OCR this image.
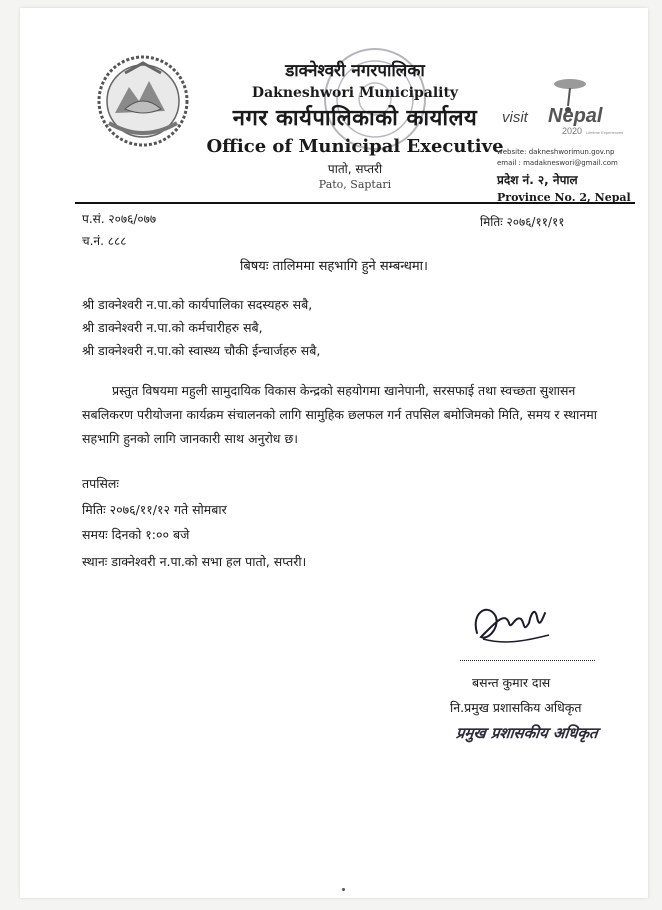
डाक्नेश्वरी नगरपालिका
Dakneshwori Municipality
नगर कार्यपालिकाको कार्यालय
Office of Municipal Executive
पातो, सप्तरी
Pato, Saptari
visit Nepal
2020 Lifetime Experiences
website: dakneshworimun.gov.np
email : madakneswori@gmail.com
प्रदेश नं. २, नेपाल
Province No. 2, Nepal
प.सं. २०७६/०७७
च.नं. ८८८
मितिः २०७६/११/११
बिषयः तालिममा सहभागि हुने सम्बन्धमा।
श्री डाक्नेश्वरी न.पा.को कार्यपालिका सदस्यहरु सबै,
श्री डाक्नेश्वरी न.पा.को कर्मचारीहरु सबै,
श्री डाक्नेश्वरी न.पा.को स्वास्थ्य चौकी ईन्चार्जहरु सबै,

प्रस्तुत विषयमा महुली सामुदायिक विकास केन्द्रको सहयोगमा खानेपानी, सरसफाई तथा स्वच्छता सुशासन सबलिकरण परीयोजना कार्यक्रम संचालनको लागि सामुहिक छलफल गर्न तपसिल बमोजिमको मिति, समय र स्थानमा सहभागि हुनको लागि जानकारी साथ अनुरोध छ।

तपसिलः
मितिः २०७६/११/१२ गते सोमबार
समयः दिनको १:०० बजे
स्थानः डाक्नेश्वरी न.पा.को सभा हल पातो, सप्तरी।
बसन्त कुमार दास
नि.प्रमुख प्रशासकिय अधिकृत
प्रमुख प्रशासकीय अधिकृत
